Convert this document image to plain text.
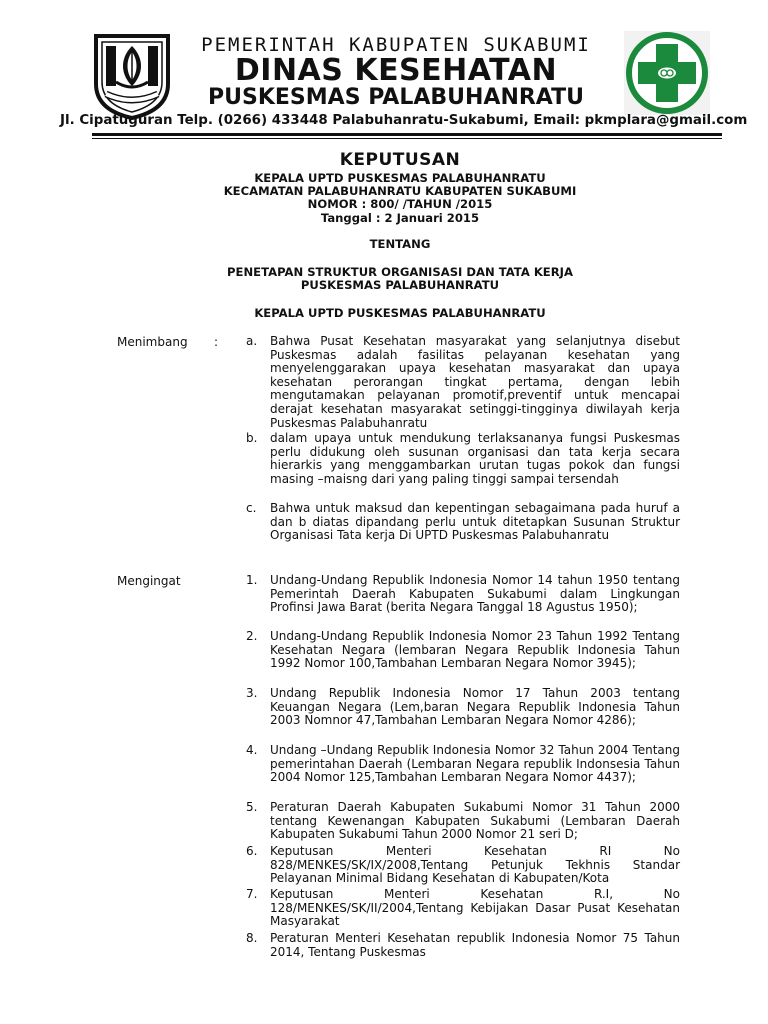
PEMERINTAH KABUPATEN SUKABUMI
DINAS KESEHATAN
PUSKESMAS PALABUHANRATU
Jl. Cipatuguran Telp. (0266) 433448 Palabuhanratu-Sukabumi, Email: pkmplara@gmail.com
KEPUTUSAN
KEPALA UPTD PUSKESMAS PALABUHANRATU
KECAMATAN PALABUHANRATU KABUPATEN SUKABUMI
NOMOR : 800/ /TAHUN /2015
Tanggal : 2 Januari 2015
TENTANG
PENETAPAN STRUKTUR ORGANISASI DAN TATA KERJA
PUSKESMAS PALABUHANRATU
KEPALA UPTD PUSKESMAS PALABUHANRATU
Menimbang : a. Bahwa Pusat Kesehatan masyarakat yang selanjutnya disebut Puskesmas adalah fasilitas pelayanan kesehatan yang menyelenggarakan upaya kesehatan masyarakat dan upaya kesehatan perorangan tingkat pertama, dengan lebih mengutamakan pelayanan promotif,preventif untuk mencapai derajat kesehatan masyarakat setinggi-tingginya diwilayah kerja Puskesmas Palabuhanratu
b. dalam upaya untuk mendukung terlaksananya fungsi Puskesmas perlu didukung oleh susunan organisasi dan tata kerja secara hierarkis yang menggambarkan urutan tugas pokok dan fungsi masing –maisng dari yang paling tinggi sampai tersendah
c. Bahwa untuk maksud dan kepentingan sebagaimana pada huruf a dan b diatas dipandang perlu untuk ditetapkan Susunan Struktur Organisasi Tata kerja Di UPTD Puskesmas Palabuhanratu
Mengingat	1. Undang-Undang Republik Indonesia Nomor 14 tahun 1950 tentang Pemerintah Daerah Kabupaten Sukabumi dalam Lingkungan Profinsi Jawa Barat (berita Negara Tanggal 18 Agustus 1950);
2. Undang-Undang Republik Indonesia Nomor 23 Tahun 1992 Tentang Kesehatan Negara (lembaran Negara Republik Indonesia Tahun 1992 Nomor 100,Tambahan Lembaran Negara Nomor 3945);
3. Undang Republik Indonesia Nomor 17 Tahun 2003 tentang Keuangan Negara (Lem,baran Negara Republik Indonesia Tahun 2003 Nomnor 47,Tambahan Lembaran Negara Nomor 4286);
4. Undang –Undang Republik Indonesia Nomor 32 Tahun 2004 Tentang pemerintahan Daerah (Lembaran Negara republik Indonsesia Tahun 2004 Nomor 125,Tambahan Lembaran Negara Nomor 4437);
5. Peraturan Daerah Kabupaten Sukabumi Nomor 31 Tahun 2000 tentang Kewenangan Kabupaten Sukabumi (Lembaran Daerah Kabupaten Sukabumi Tahun 2000 Nomor 21 seri D;
6. Keputusan Menteri Kesehatan RI No 828/MENKES/SK/IX/2008,Tentang Petunjuk Tekhnis Standar Pelayanan Minimal Bidang Kesehatan di Kabupaten/Kota
7. Keputusan Menteri Kesehatan R.I, No 128/MENKES/SK/II/2004,Tentang Kebijakan Dasar Pusat Kesehatan Masyarakat
8. Peraturan Menteri Kesehatan republik Indonesia Nomor 75 Tahun 2014, Tentang Puskesmas
